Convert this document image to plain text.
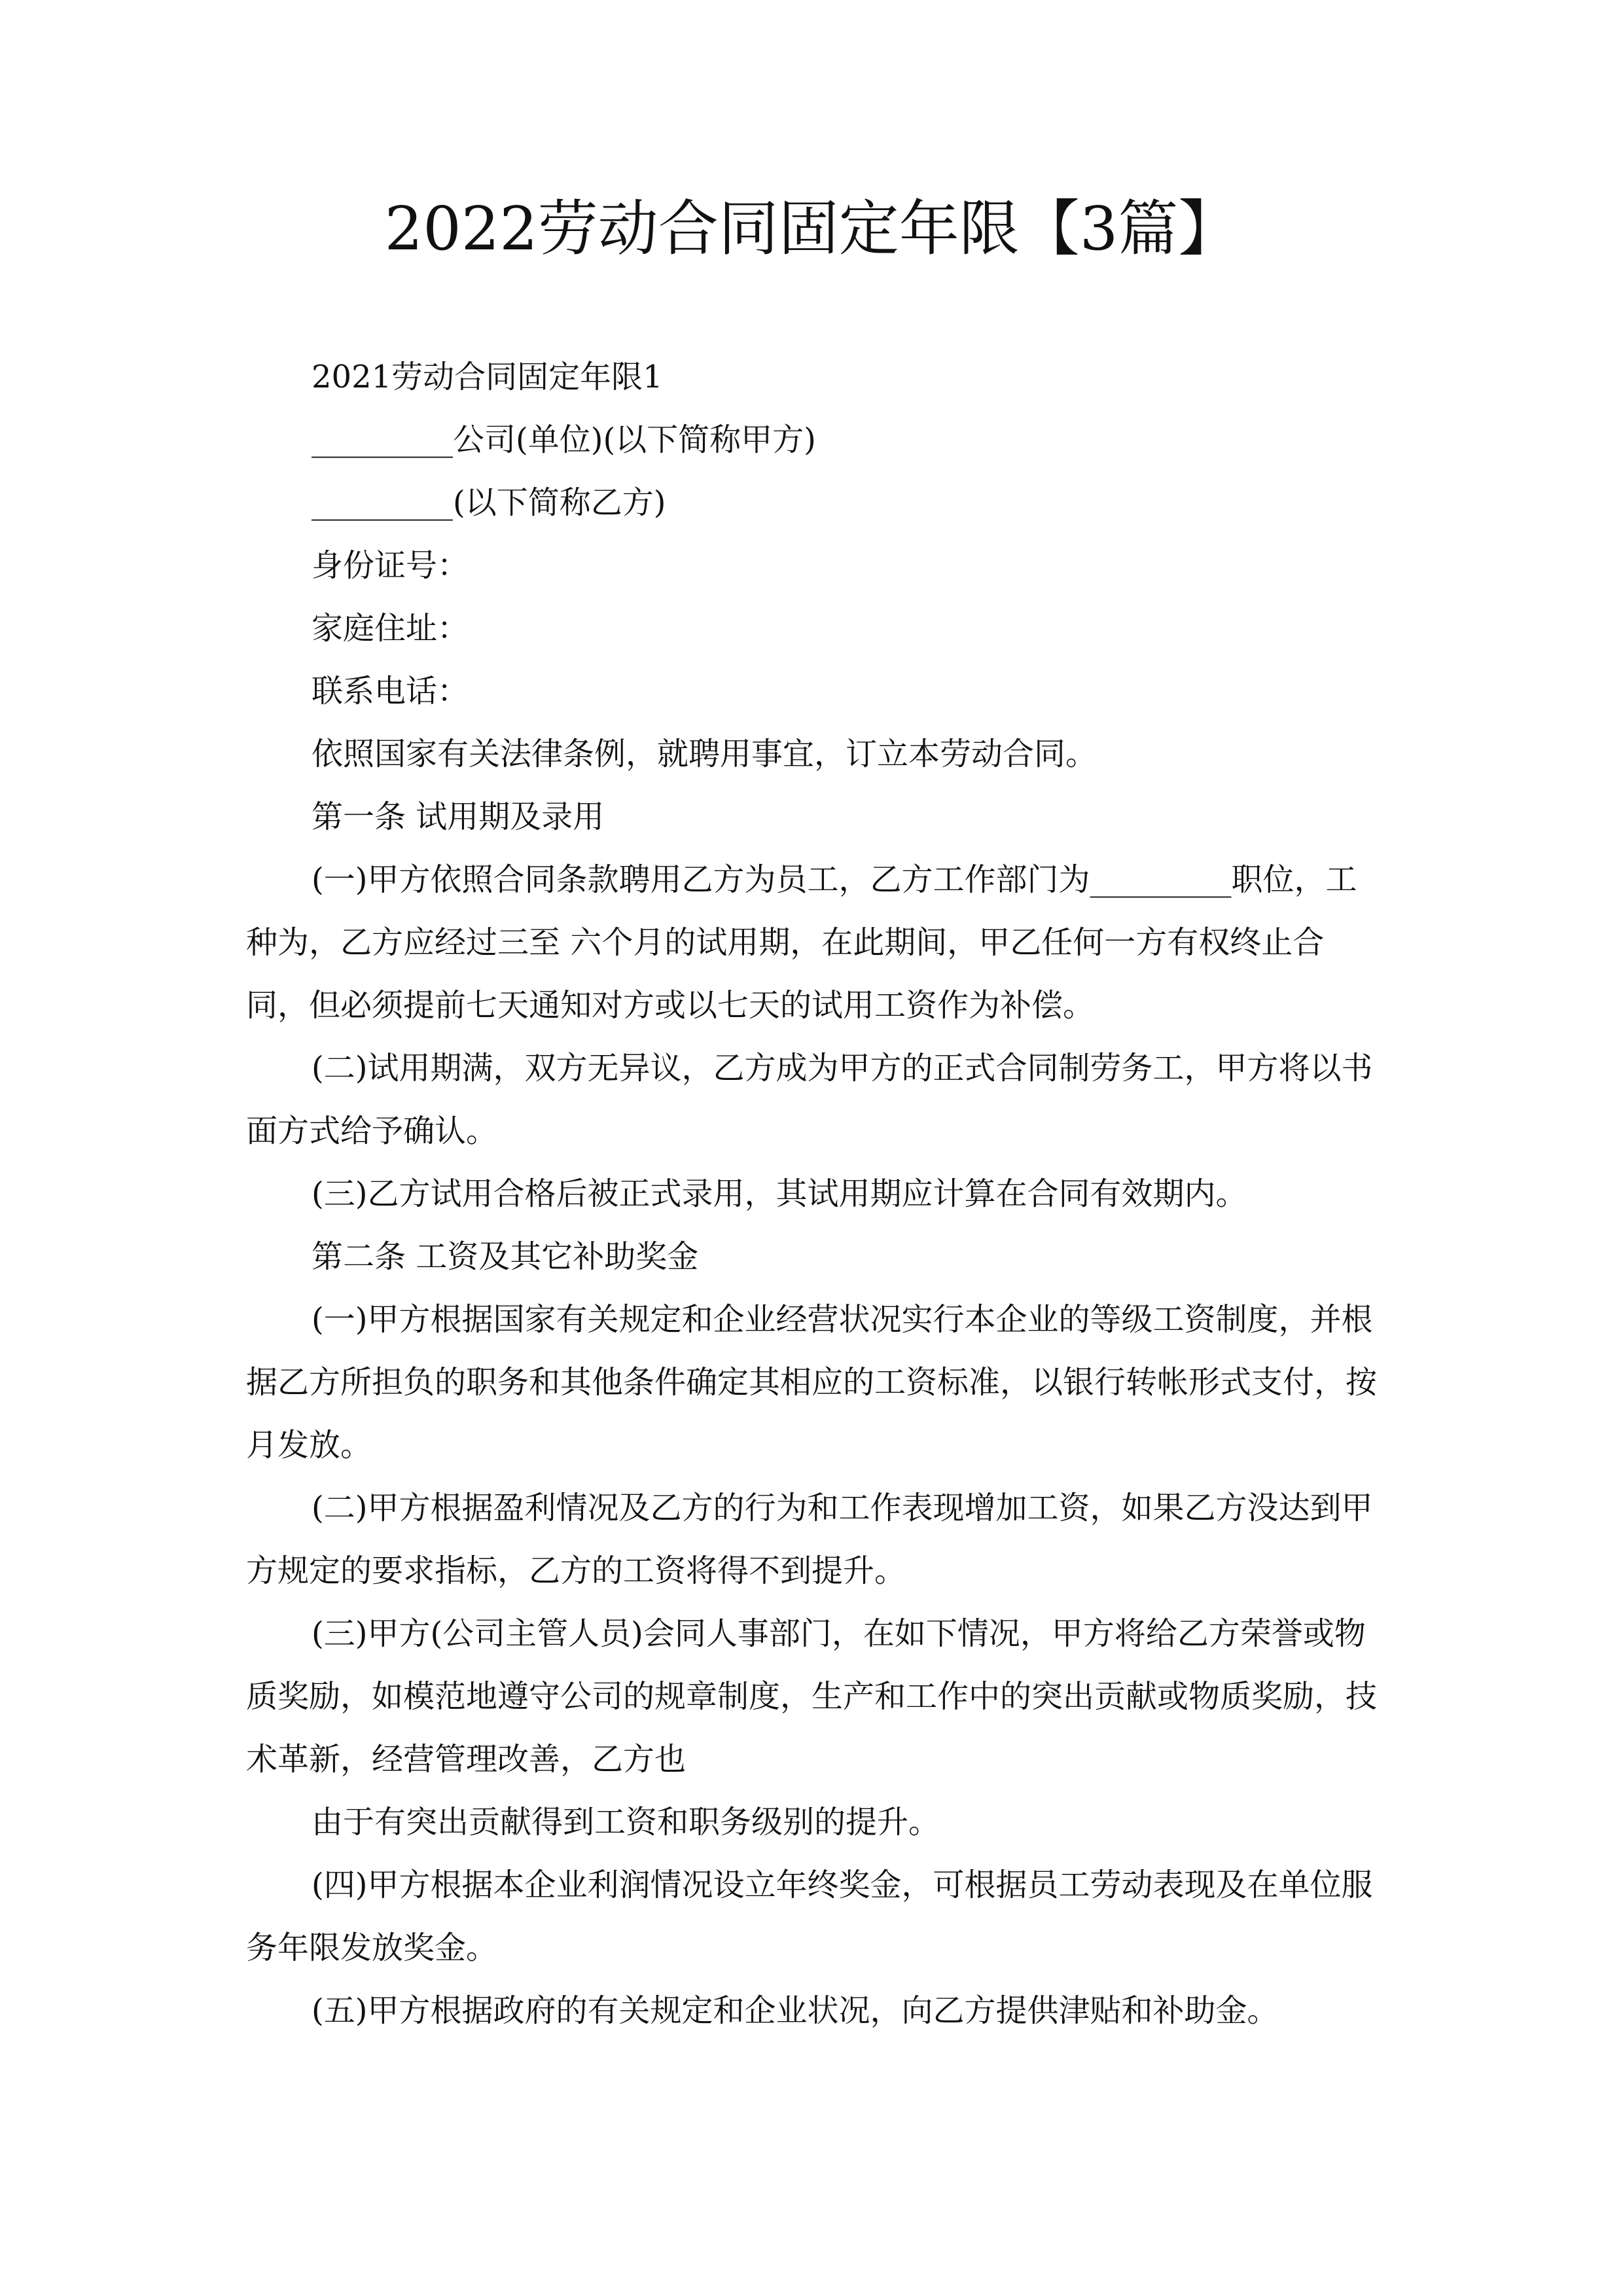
2022劳动合同固定年限【3篇】

2021劳动合同固定年限1

_________公司(单位)(以下简称甲方)

_________(以下简称乙方)

身份证号：

家庭住址：

联系电话：

依照国家有关法律条例，就聘用事宜，订立本劳动合同。

第一条 试用期及录用

(一)甲方依照合同条款聘用乙方为员工，乙方工作部门为_________职位，工种为，乙方应经过三至 六个月的试用期，在此期间，甲乙任何一方有权终止合同，但必须提前七天通知对方或以七天的试用工资作为补偿。

(二)试用期满，双方无异议，乙方成为甲方的正式合同制劳务工，甲方将以书面方式给予确认。

(三)乙方试用合格后被正式录用，其试用期应计算在合同有效期内。

第二条 工资及其它补助奖金

(一)甲方根据国家有关规定和企业经营状况实行本企业的等级工资制度，并根据乙方所担负的职务和其他条件确定其相应的工资标准，以银行转帐形式支付，按月发放。

(二)甲方根据盈利情况及乙方的行为和工作表现增加工资，如果乙方没达到甲方规定的要求指标，乙方的工资将得不到提升。

(三)甲方(公司主管人员)会同人事部门，在如下情况，甲方将给乙方荣誉或物质奖励，如模范地遵守公司的规章制度，生产和工作中的突出贡献或物质奖励，技术革新，经营管理改善，乙方也

由于有突出贡献得到工资和职务级别的提升。

(四)甲方根据本企业利润情况设立年终奖金，可根据员工劳动表现及在单位服务年限发放奖金。

(五)甲方根据政府的有关规定和企业状况，向乙方提供津贴和补助金。
